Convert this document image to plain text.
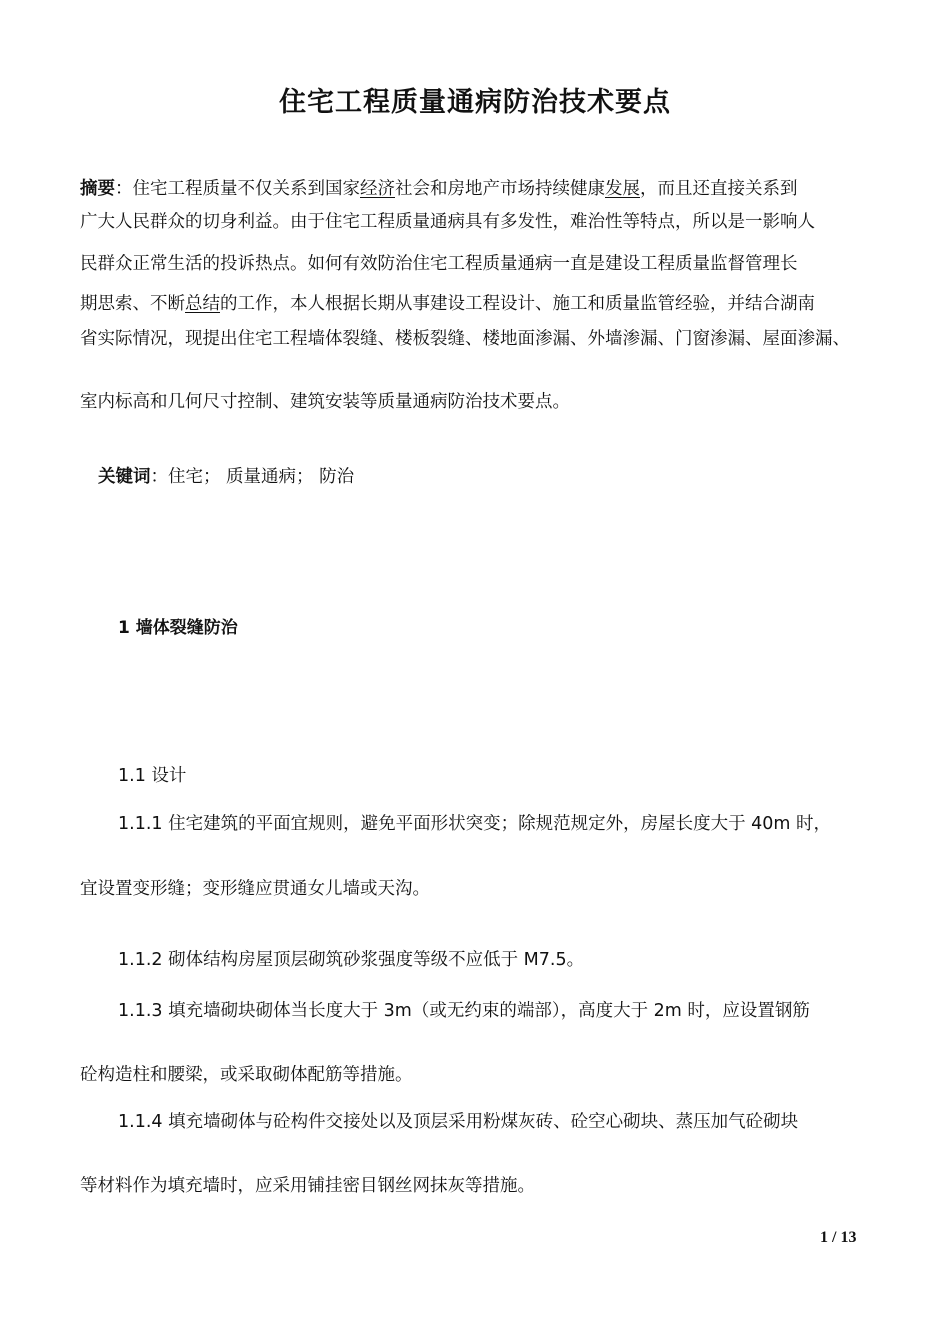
住宅工程质量通病防治技术要点
摘要：住宅工程质量不仅关系到国家经济社会和房地产市场持续健康发展，而且还直接关系到
广大人民群众的切身利益。由于住宅工程质量通病具有多发性，难治性等特点，所以是一影响人
民群众正常生活的投诉热点。如何有效防治住宅工程质量通病一直是建设工程质量监督管理长
期思索、不断总结的工作，本人根据长期从事建设工程设计、施工和质量监管经验，并结合湖南
省实际情况，现提出住宅工程墙体裂缝、楼板裂缝、楼地面渗漏、外墙渗漏、门窗渗漏、屋面渗漏、
室内标高和几何尺寸控制、建筑安装等质量通病防治技术要点。
关键词：住宅； 质量通病； 防治
1 墙体裂缝防治
1.1 设计
1.1.1 住宅建筑的平面宜规则，避免平面形状突变；除规范规定外，房屋长度大于 40m 时，
宜设置变形缝；变形缝应贯通女儿墙或天沟。
1.1.2 砌体结构房屋顶层砌筑砂浆强度等级不应低于 M7.5。
1.1.3 填充墙砌块砌体当长度大于 3m（或无约束的端部），高度大于 2m 时，应设置钢筋
砼构造柱和腰梁，或采取砌体配筋等措施。
1.1.4 填充墙砌体与砼构件交接处以及顶层采用粉煤灰砖、砼空心砌块、蒸压加气砼砌块
等材料作为填充墙时，应采用铺挂密目钢丝网抹灰等措施。
1 / 13
